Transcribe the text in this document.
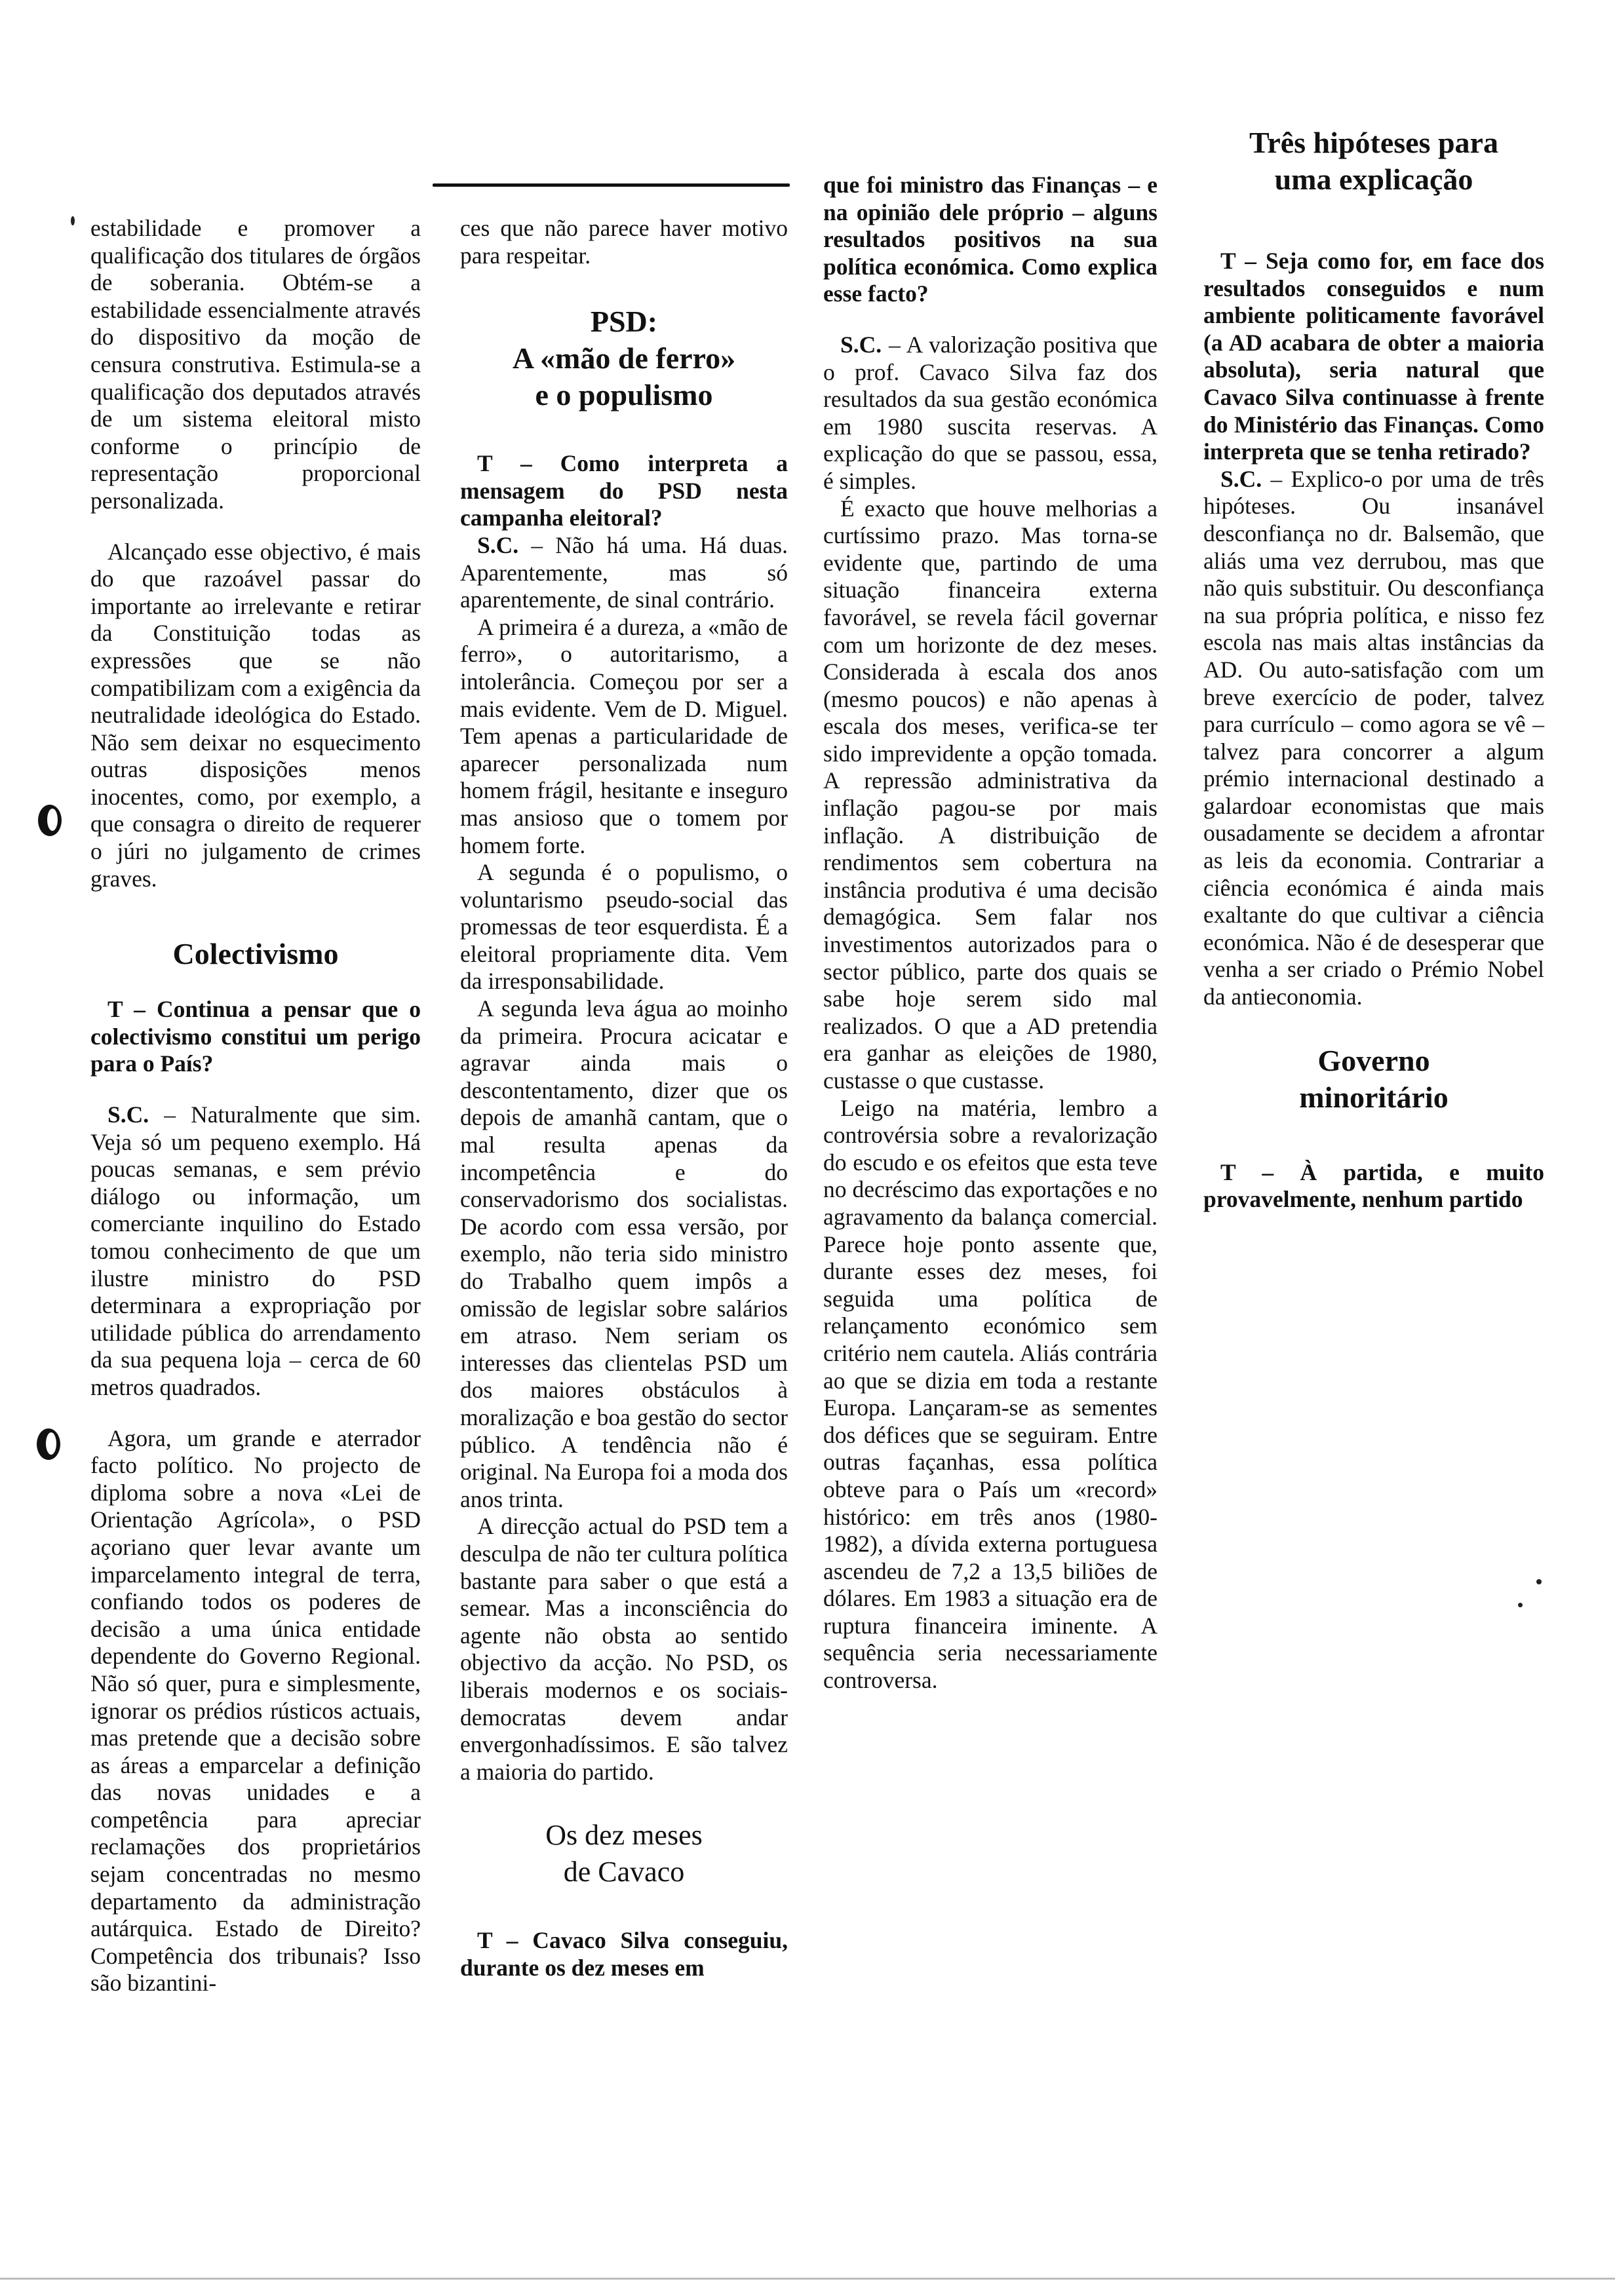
estabilidade e promover a qualificação dos titulares de órgãos de soberania. Obtém-se a estabilidade essencialmente através do dispositivo da moção de censura construtiva. Estimula-se a qualificação dos deputados através de um sistema eleitoral misto conforme o princípio de representação proporcional personalizada.

Alcançado esse objectivo, é mais do que razoável passar do importante ao irrelevante e retirar da Constituição todas as expressões que se não compatibilizam com a exigência da neutralidade ideológica do Estado. Não sem deixar no esquecimento outras disposições menos inocentes, como, por exemplo, a que consagra o direito de requerer o júri no julgamento de crimes graves.

Colectivismo

T – Continua a pensar que o colectivismo constitui um perigo para o País?

S.C. – Naturalmente que sim. Veja só um pequeno exemplo. Há poucas semanas, e sem prévio diálogo ou informação, um comerciante inquilino do Estado tomou conhecimento de que um ilustre ministro do PSD determinara a expropriação por utilidade pública do arrendamento da sua pequena loja – cerca de 60 metros quadrados.

Agora, um grande e aterrador facto político. No projecto de diploma sobre a nova «Lei de Orientação Agrícola», o PSD açoriano quer levar avante um imparcelamento integral de terra, confiando todos os poderes de decisão a uma única entidade dependente do Governo Regional. Não só quer, pura e simplesmente, ignorar os prédios rústicos actuais, mas pretende que a decisão sobre as áreas a emparcelar a definição das novas unidades e a competência para apreciar reclamações dos proprietários sejam concentradas no mesmo departamento da administração autárquica. Estado de Direito? Competência dos tribunais? Isso são bizantini-

ces que não parece haver motivo para respeitar.

PSD:

A «mão de ferro»

e o populismo

T – Como interpreta a mensagem do PSD nesta campanha eleitoral?

S.C. – Não há uma. Há duas. Aparentemente, mas só aparentemente, de sinal contrário.

A primeira é a dureza, a «mão de ferro», o autoritarismo, a intolerância. Começou por ser a mais evidente. Vem de D. Miguel. Tem apenas a particularidade de aparecer personalizada num homem frágil, hesitante e inseguro mas ansioso que o tomem por homem forte.

A segunda é o populismo, o voluntarismo pseudo-social das promessas de teor esquerdista. É a eleitoral propriamente dita. Vem da irresponsabilidade.

A segunda leva água ao moinho da primeira. Procura acicatar e agravar ainda mais o descontentamento, dizer que os depois de amanhã cantam, que o mal resulta apenas da incompetência e do conservadorismo dos socialistas. De acordo com essa versão, por exemplo, não teria sido ministro do Trabalho quem impôs a omissão de legislar sobre salários em atraso. Nem seriam os interesses das clientelas PSD um dos maiores obstáculos à moralização e boa gestão do sector público. A tendência não é original. Na Europa foi a moda dos anos trinta.

A direcção actual do PSD tem a desculpa de não ter cultura política bastante para saber o que está a semear. Mas a inconsciência do agente não obsta ao sentido objectivo da acção. No PSD, os liberais modernos e os sociais-democratas devem andar envergonhadíssimos. E são talvez a maioria do partido.

Os dez meses

de Cavaco

T – Cavaco Silva conseguiu, durante os dez meses em

que foi ministro das Finanças – e na opinião dele próprio – alguns resultados positivos na sua política económica. Como explica esse facto?

S.C. – A valorização positiva que o prof. Cavaco Silva faz dos resultados da sua gestão económica em 1980 suscita reservas. A explicação do que se passou, essa, é simples.

É exacto que houve melhorias a curtíssimo prazo. Mas torna-se evidente que, partindo de uma situação financeira externa favorável, se revela fácil governar com um horizonte de dez meses. Considerada à escala dos anos (mesmo poucos) e não apenas à escala dos meses, verifica-se ter sido imprevidente a opção tomada. A repressão administrativa da inflação pagou-se por mais inflação. A distribuição de rendimentos sem cobertura na instância produtiva é uma decisão demagógica. Sem falar nos investimentos autorizados para o sector público, parte dos quais se sabe hoje serem sido mal realizados. O que a AD pretendia era ganhar as eleições de 1980, custasse o que custasse.

Leigo na matéria, lembro a controvérsia sobre a revalorização do escudo e os efeitos que esta teve no decréscimo das exportações e no agravamento da balança comercial. Parece hoje ponto assente que, durante esses dez meses, foi seguida uma política de relançamento económico sem critério nem cautela. Aliás contrária ao que se dizia em toda a restante Europa. Lançaram-se as sementes dos défices que se seguiram. Entre outras façanhas, essa política obteve para o País um «record» histórico: em três anos (1980-1982), a dívida externa portuguesa ascendeu de 7,2 a 13,5 biliões de dólares. Em 1983 a situação era de ruptura financeira iminente. A sequência seria necessariamente controversa.

Três hipóteses para

uma explicação

T – Seja como for, em face dos resultados conseguidos e num ambiente politicamente favorável (a AD acabara de obter a maioria absoluta), seria natural que Cavaco Silva continuasse à frente do Ministério das Finanças. Como interpreta que se tenha retirado?

S.C. – Explico-o por uma de três hipóteses. Ou insanável desconfiança no dr. Balsemão, que aliás uma vez derrubou, mas que não quis substituir. Ou desconfiança na sua própria política, e nisso fez escola nas mais altas instâncias da AD. Ou auto-satisfação com um breve exercício de poder, talvez para currículo – como agora se vê – talvez para concorrer a algum prémio internacional destinado a galardoar economistas que mais ousadamente se decidem a afrontar as leis da economia. Contrariar a ciência económica é ainda mais exaltante do que cultivar a ciência económica. Não é de desesperar que venha a ser criado o Prémio Nobel da antieconomia.

Governo

minoritário

T – À partida, e muito provavelmente, nenhum partido
